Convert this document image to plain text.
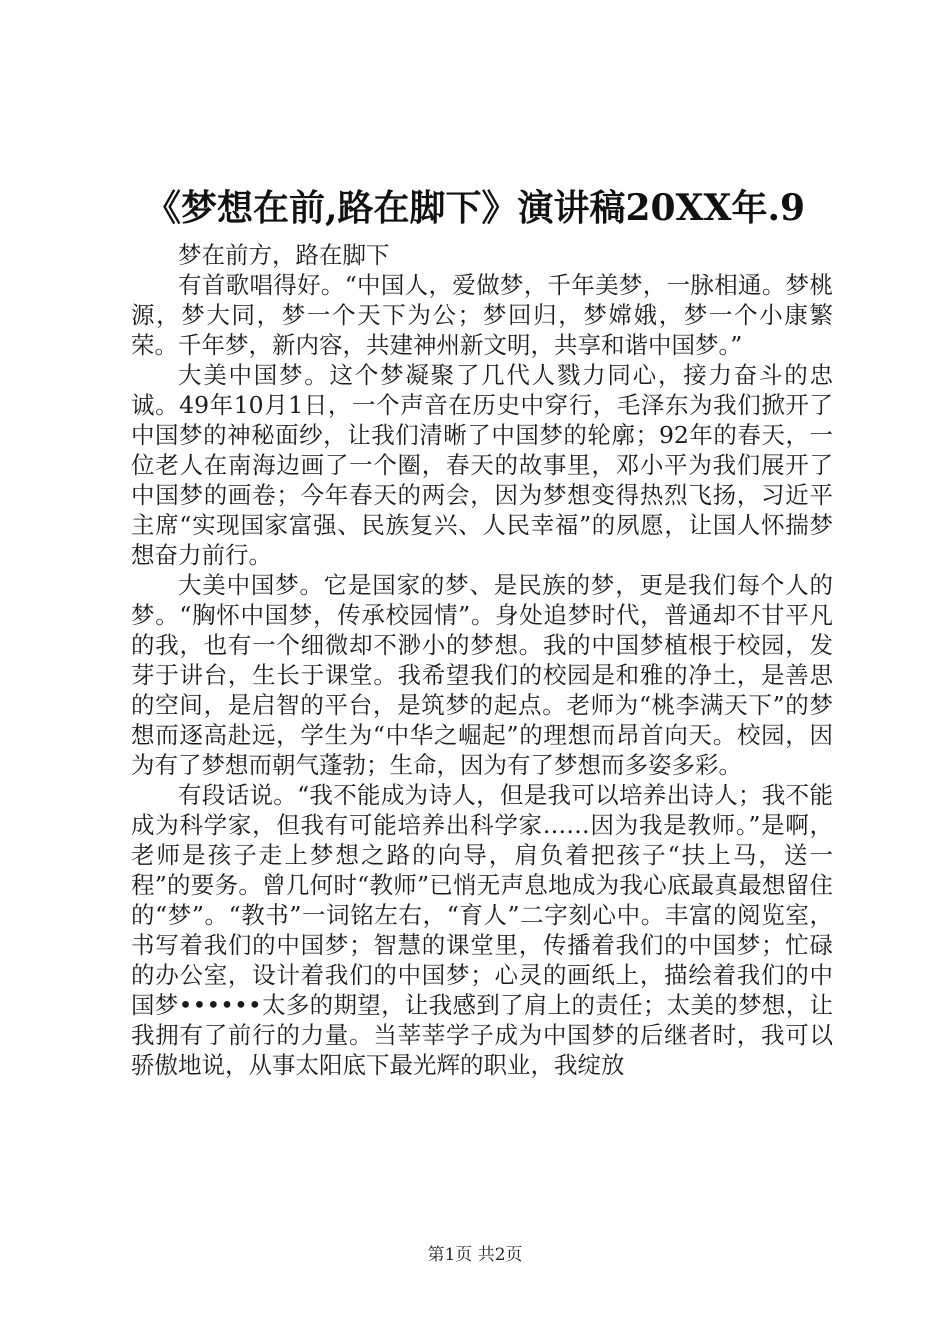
《梦想在前,路在脚下》演讲稿20XX年.9

梦在前方，路在脚下

有首歌唱得好。“中国人，爱做梦，千年美梦，一脉相通。梦桃源，梦大同，梦一个天下为公；梦回归，梦嫦娥，梦一个小康繁荣。千年梦，新内容，共建神州新文明，共享和谐中国梦。”

大美中国梦。这个梦凝聚了几代人戮力同心，接力奋斗的忠诚。49年10月1日，一个声音在历史中穿行，毛泽东为我们掀开了中国梦的神秘面纱，让我们清晰了中国梦的轮廓；92年的春天，一位老人在南海边画了一个圈，春天的故事里，邓小平为我们展开了中国梦的画卷；今年春天的两会，因为梦想变得热烈飞扬，习近平主席“实现国家富强、民族复兴、人民幸福”的夙愿，让国人怀揣梦想奋力前行。

大美中国梦。它是国家的梦、是民族的梦，更是我们每个人的梦。“胸怀中国梦，传承校园情”。身处追梦时代，普通却不甘平凡的我，也有一个细微却不渺小的梦想。我的中国梦植根于校园，发芽于讲台，生长于课堂。我希望我们的校园是和雅的净土，是善思的空间，是启智的平台，是筑梦的起点。老师为“桃李满天下”的梦想而逐高赴远，学生为“中华之崛起”的理想而昂首向天。校园，因为有了梦想而朝气蓬勃；生命，因为有了梦想而多姿多彩。

有段话说。“我不能成为诗人，但是我可以培养出诗人；我不能成为科学家，但我有可能培养出科学家……因为我是教师。”是啊，老师是孩子走上梦想之路的向导，肩负着把孩子“扶上马，送一程”的要务。曾几何时“教师”已悄无声息地成为我心底最真最想留住的“梦”。“教书”一词铭左右，“育人”二字刻心中。丰富的阅览室，书写着我们的中国梦；智慧的课堂里，传播着我们的中国梦；忙碌的办公室，设计着我们的中国梦；心灵的画纸上，描绘着我们的中国梦••••••太多的期望，让我感到了肩上的责任；太美的梦想，让我拥有了前行的力量。当莘莘学子成为中国梦的后继者时，我可以骄傲地说，从事太阳底下最光辉的职业，我绽放

第1页 共2页
